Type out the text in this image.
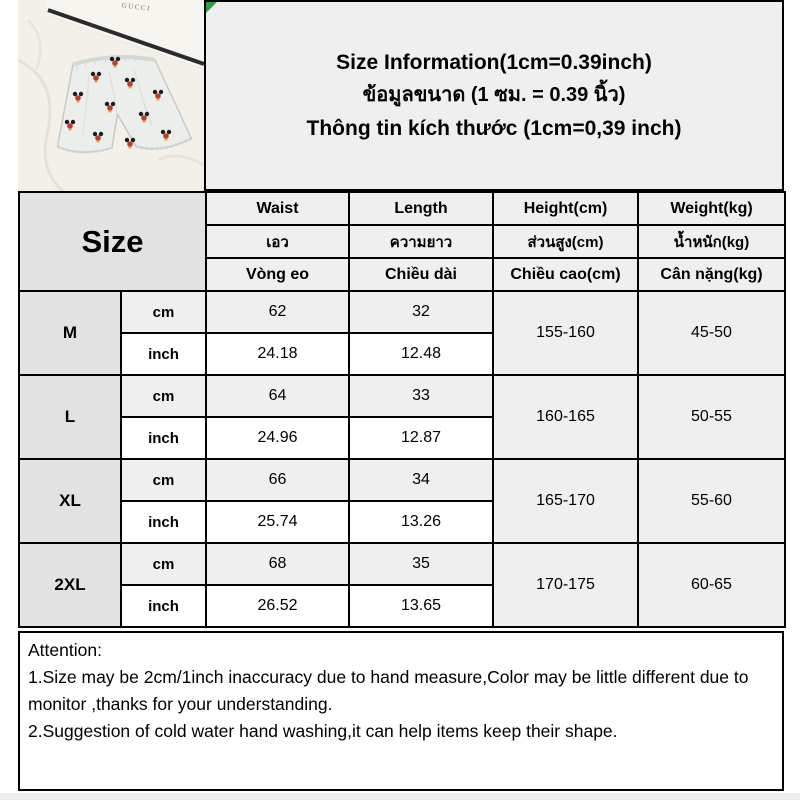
GUCCI
Size Information(1cm=0.39inch)
ข้อมูลขนาด (1 ซม. = 0.39 นิ้ว)
Thông tin kích thước (1cm=0,39 inch)
Size		Waist	Length	Height(cm)	Weight(kg)
		เอว	ความยาว	ส่วนสูง(cm)	น้ำหนัก(kg)
		Vòng eo	Chiều dài	Chiều cao(cm)	Cân nặng(kg)
M	cm	62	32	155-160	45-50
	inch	24.18	12.48		
L	cm	64	33	160-165	50-55
	inch	24.96	12.87		
XL	cm	66	34	165-170	55-60
	inch	25.74	13.26		
2XL	cm	68	35	170-175	60-65
	inch	26.52	13.65		
Attention:
1.Size may be 2cm/1inch inaccuracy due to hand measure,Color may be little different due to monitor ,thanks for your understanding.
2.Suggestion of cold water hand washing,it can help items keep their shape.
